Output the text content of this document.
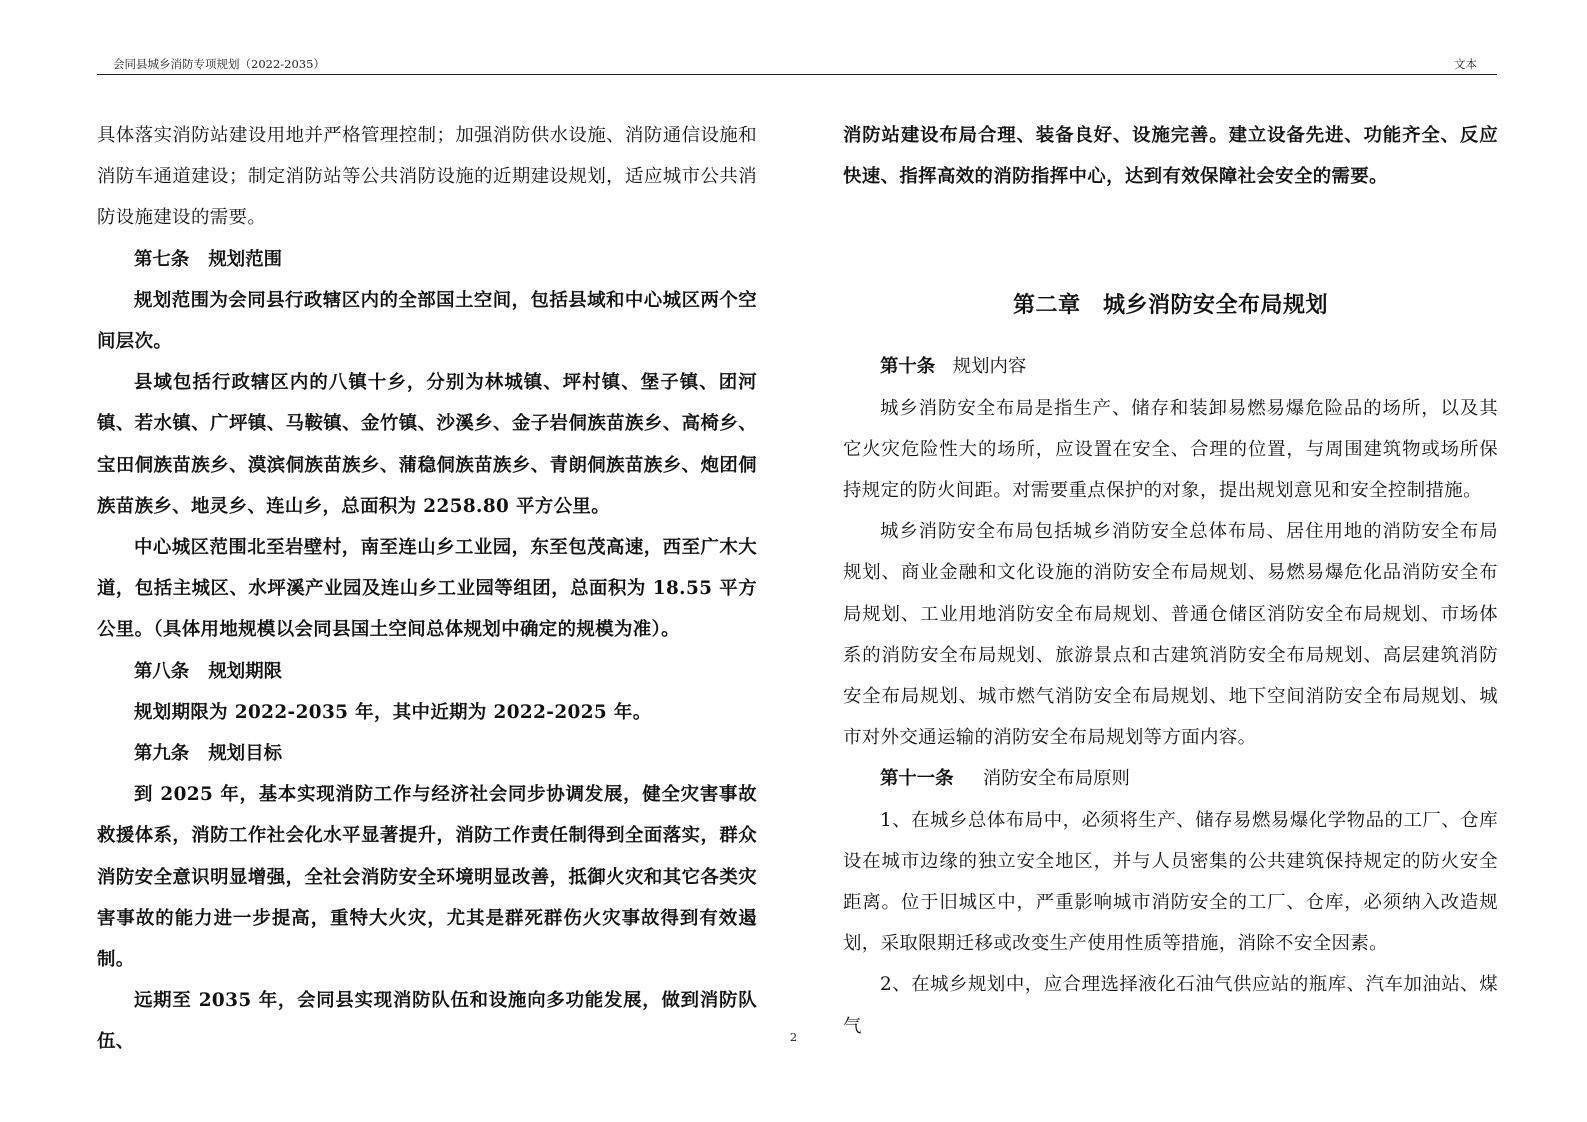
会同县城乡消防专项规划（2022-2035）	文本

具体落实消防站建设用地并严格管理控制；加强消防供水设施、消防通信设施和消防车通道建设；制定消防站等公共消防设施的近期建设规划，适应城市公共消防设施建设的需要。

第七条 规划范围

规划范围为会同县行政辖区内的全部国土空间，包括县域和中心城区两个空间层次。

县域包括行政辖区内的八镇十乡，分别为林城镇、坪村镇、堡子镇、团河镇、若水镇、广坪镇、马鞍镇、金竹镇、沙溪乡、金子岩侗族苗族乡、高椅乡、宝田侗族苗族乡、漠滨侗族苗族乡、蒲稳侗族苗族乡、青朗侗族苗族乡、炮团侗族苗族乡、地灵乡、连山乡，总面积为 2258.80 平方公里。

中心城区范围北至岩壁村，南至连山乡工业园，东至包茂高速，西至广木大道，包括主城区、水坪溪产业园及连山乡工业园等组团，总面积为 18.55 平方公里。（具体用地规模以会同县国土空间总体规划中确定的规模为准）。

第八条 规划期限

规划期限为 2022-2035 年，其中近期为 2022-2025 年。

第九条 规划目标

到 2025 年，基本实现消防工作与经济社会同步协调发展，健全灾害事故救援体系，消防工作社会化水平显著提升，消防工作责任制得到全面落实，群众消防安全意识明显增强，全社会消防安全环境明显改善，抵御火灾和其它各类灾害事故的能力进一步提高，重特大火灾，尤其是群死群伤火灾事故得到有效遏制。

远期至 2035 年，会同县实现消防队伍和设施向多功能发展，做到消防队伍、

消防站建设布局合理、装备良好、设施完善。建立设备先进、功能齐全、反应快速、指挥高效的消防指挥中心，达到有效保障社会安全的需要。

第二章　城乡消防安全布局规划

第十条 规划内容

城乡消防安全布局是指生产、储存和装卸易燃易爆危险品的场所，以及其它火灾危险性大的场所，应设置在安全、合理的位置，与周围建筑物或场所保持规定的防火间距。对需要重点保护的对象，提出规划意见和安全控制措施。

城乡消防安全布局包括城乡消防安全总体布局、居住用地的消防安全布局规划、商业金融和文化设施的消防安全布局规划、易燃易爆危化品消防安全布局规划、工业用地消防安全布局规划、普通仓储区消防安全布局规划、市场体系的消防安全布局规划、旅游景点和古建筑消防安全布局规划、高层建筑消防安全布局规划、城市燃气消防安全布局规划、地下空间消防安全布局规划、城市对外交通运输的消防安全布局规划等方面内容。

第十一条 消防安全布局原则

1、在城乡总体布局中，必须将生产、储存易燃易爆化学物品的工厂、仓库设在城市边缘的独立安全地区，并与人员密集的公共建筑保持规定的防火安全距离。位于旧城区中，严重影响城市消防安全的工厂、仓库，必须纳入改造规划，采取限期迁移或改变生产使用性质等措施，消除不安全因素。

2、在城乡规划中，应合理选择液化石油气供应站的瓶库、汽车加油站、煤气

2
